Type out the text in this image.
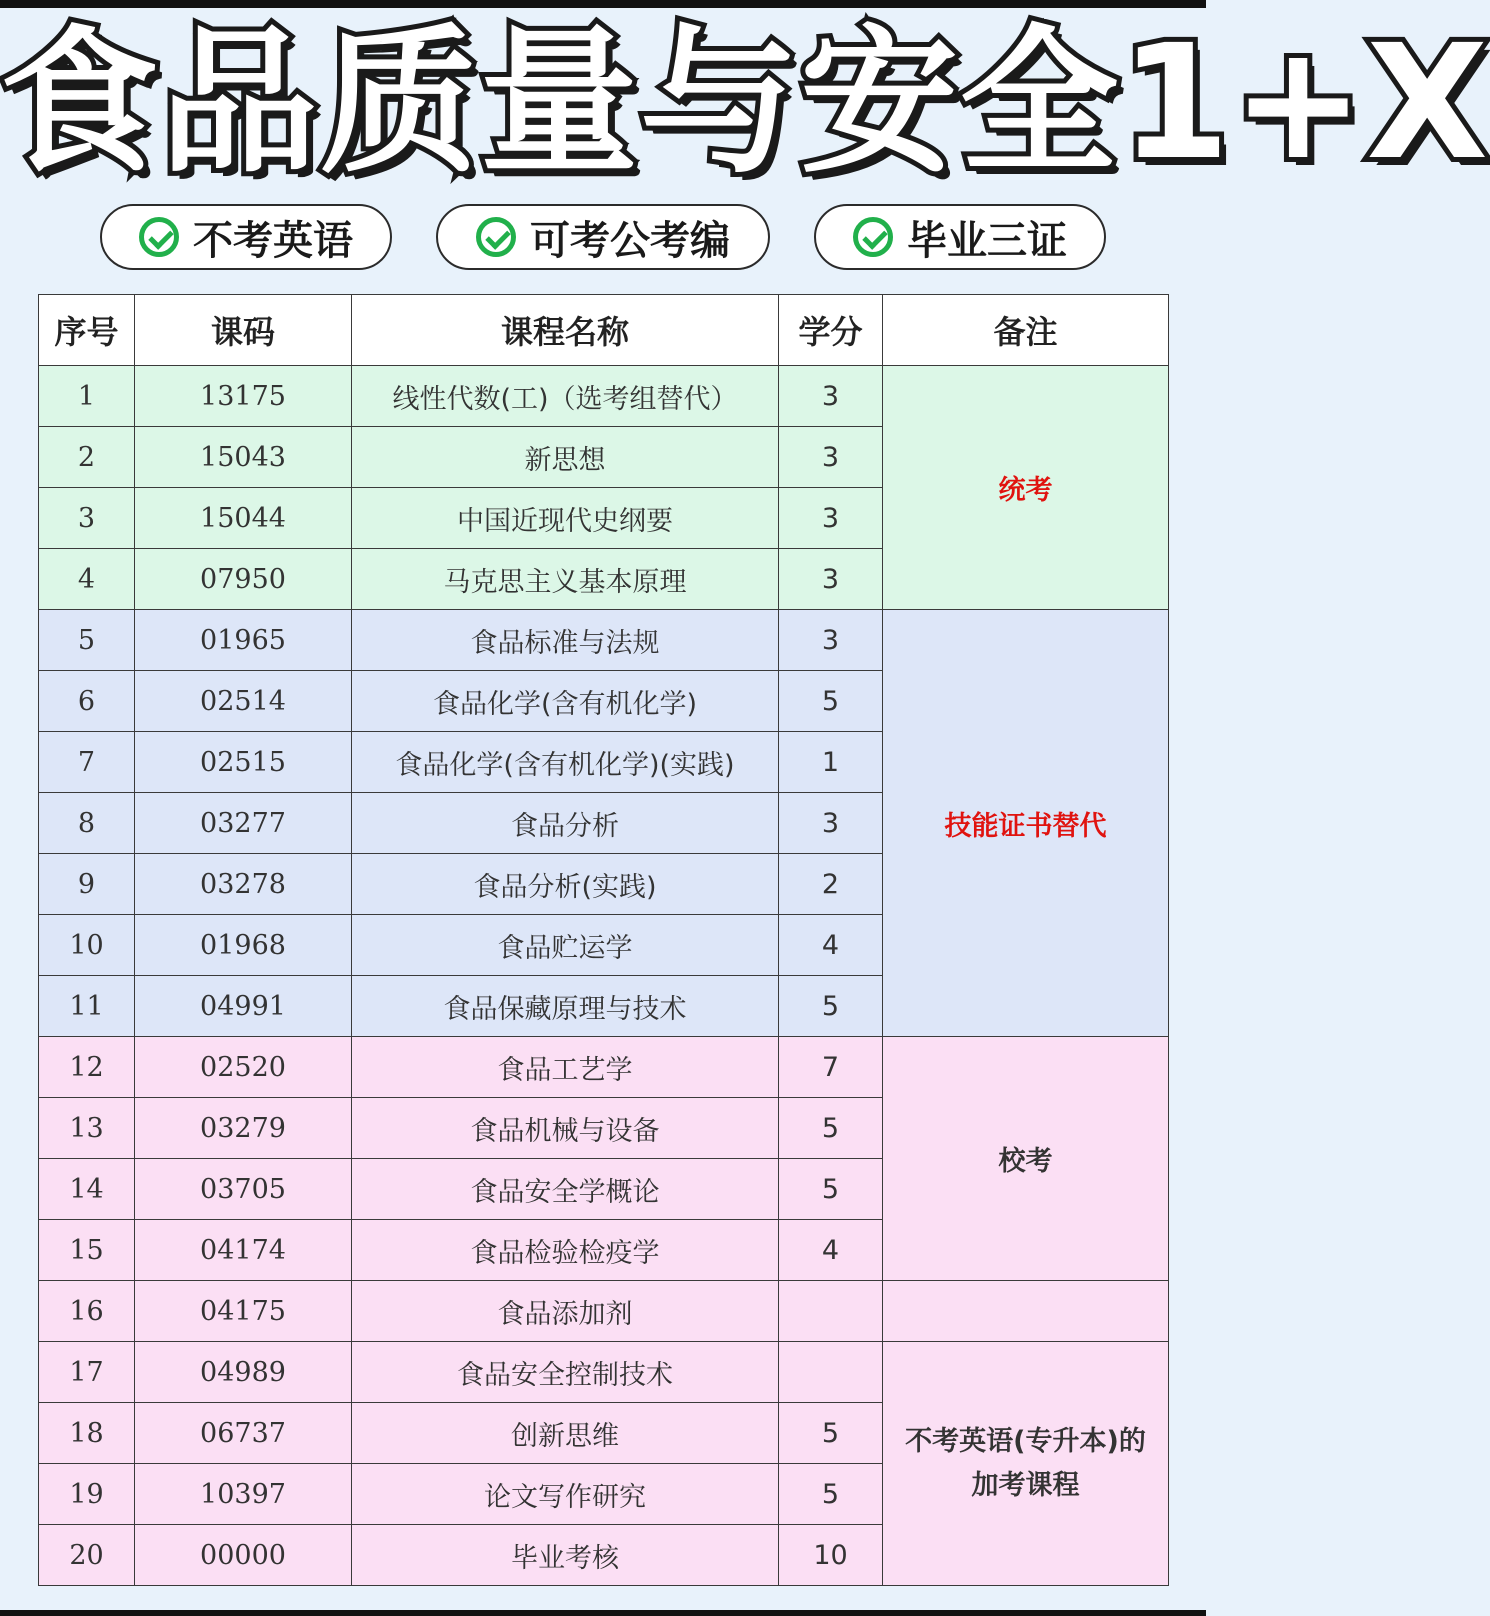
食品质量与安全1+X
不考英语	可考公考编	毕业三证
序号	课码	课程名称	学分	备注
1	13175	线性代数(工)（选考组替代）	3	统考
2	15043	新思想	3	
3	15044	中国近现代史纲要	3	
4	07950	马克思主义基本原理	3	
5	01965	食品标准与法规	3	技能证书替代
6	02514	食品化学(含有机化学)	5	
7	02515	食品化学(含有机化学)(实践)	1	
8	03277	食品分析	3	
9	03278	食品分析(实践)	2	
10	01968	食品贮运学	4	
11	04991	食品保藏原理与技术	5	
12	02520	食品工艺学	7	校考
13	03279	食品机械与设备	5	
14	03705	食品安全学概论	5	
15	04174	食品检验检疫学	4	
16	04175	食品添加剂		
17	04989	食品安全控制技术		不考英语(专升本)的
加考课程

18	06737	创新思维	5	
19	10397	论文写作研究	5	
20	00000	毕业考核	10	
